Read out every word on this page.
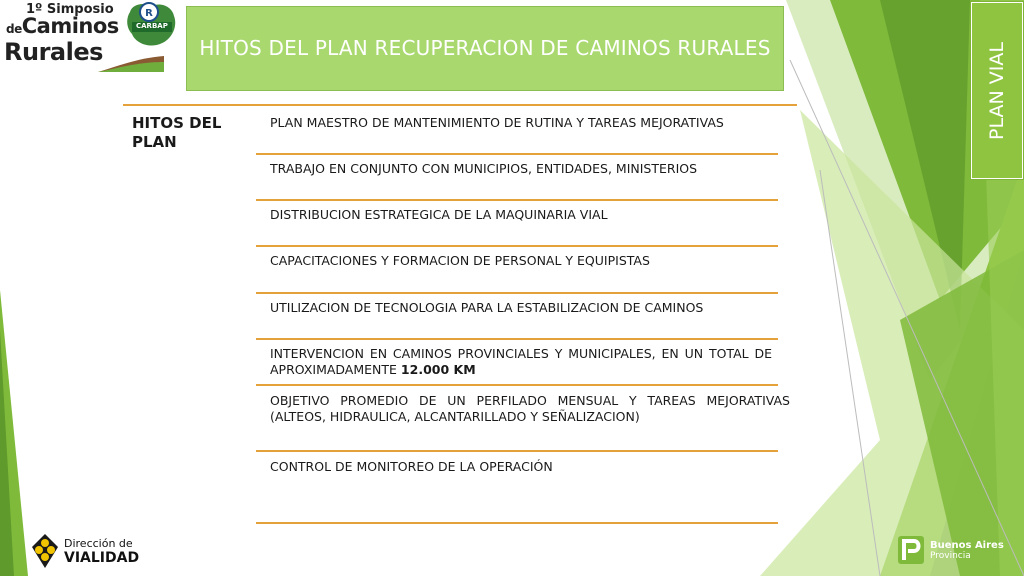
1º Simposio
deCaminos
Rurales
R
CARBAP
HITOS DEL PLAN RECUPERACION DE CAMINOS RURALES	PLAN VIAL
HITOS DEL PLAN
PLAN MAESTRO DE MANTENIMIENTO DE RUTINA Y TAREAS MEJORATIVAS
TRABAJO EN CONJUNTO CON MUNICIPIOS, ENTIDADES, MINISTERIOS
DISTRIBUCION ESTRATEGICA DE LA MAQUINARIA VIAL
CAPACITACIONES Y FORMACION DE PERSONAL Y EQUIPISTAS
UTILIZACION DE TECNOLOGIA PARA LA ESTABILIZACION DE CAMINOS
INTERVENCION EN CAMINOS PROVINCIALES Y MUNICIPALES, EN UN TOTAL DE APROXIMADAMENTE 12.000 KM
OBJETIVO PROMEDIO DE UN PERFILADO MENSUAL Y TAREAS MEJORATIVAS (ALTEOS, HIDRAULICA, ALCANTARILLADO Y SEÑALIZACION)
CONTROL DE MONITOREO DE LA OPERACIÓN
Dirección de
VIALIDAD
Buenos Aires
Provincia
